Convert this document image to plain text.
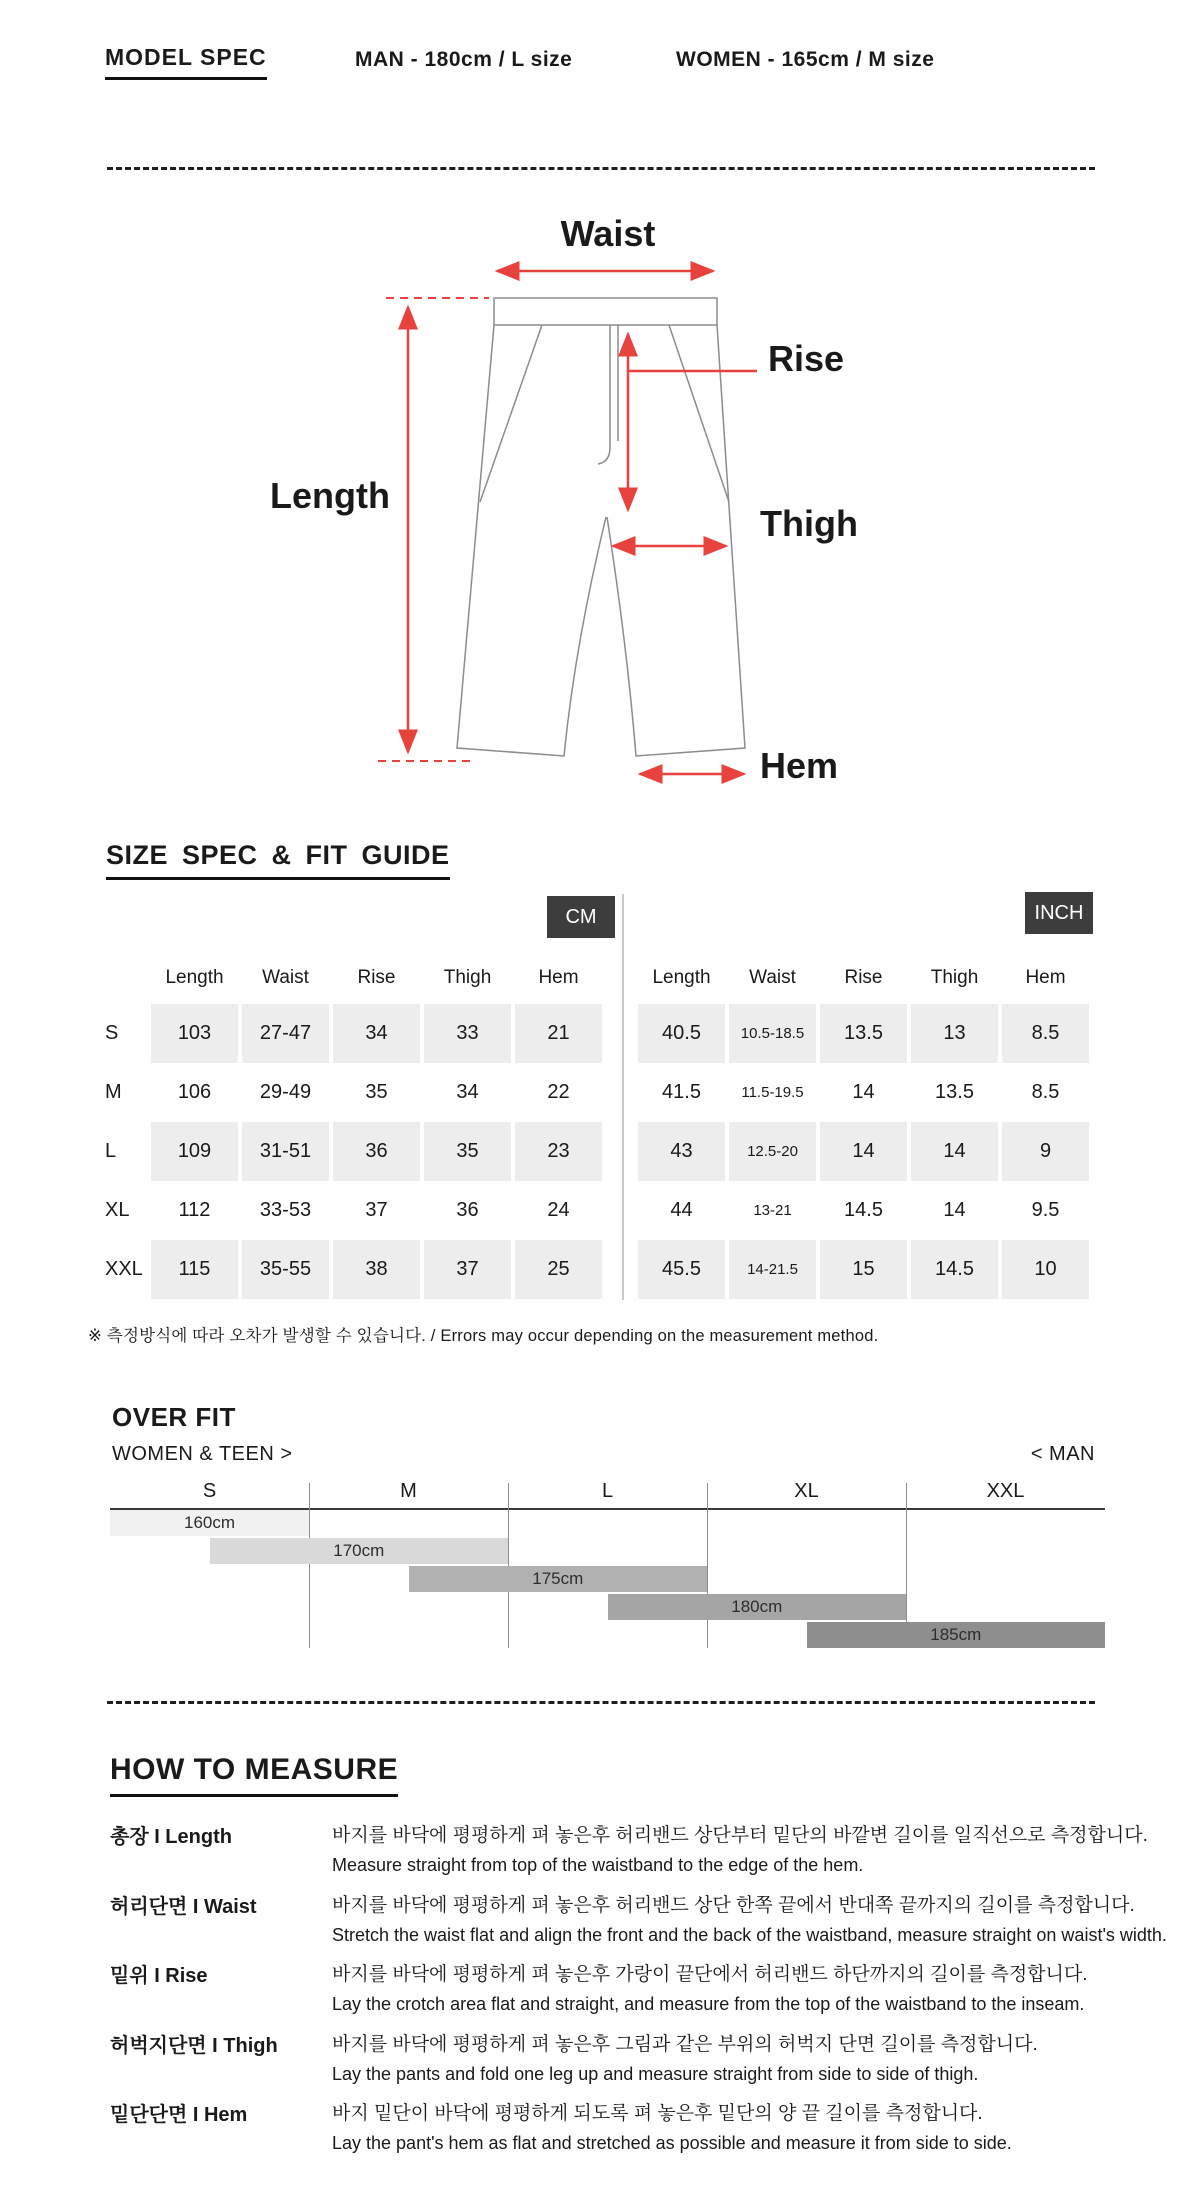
MODEL SPEC	MAN - 180cm / L size	WOMEN - 165cm / M size
Waist
Rise
Thigh
Length
Hem
SIZE SPEC & FIT GUIDE
CM	INCH
Length	Waist	Rise	Thigh	Hem
S	103	27-47	34	33	21
M	106	29-49	35	34	22
L	109	31-51	36	35	23
XL	112	33-53	37	36	24
XXL	115	35-55	38	37	25
Length	Waist	Rise	Thigh	Hem
40.5	10.5-18.5	13.5	13	8.5
41.5	11.5-19.5	14	13.5	8.5
43	12.5-20	14	14	9
44	13-21	14.5	14	9.5
45.5	14-21.5	15	14.5	10
※ 측정방식에 따라 오차가 발생할 수 있습니다. / Errors may occur depending on the measurement method.
OVER FIT
WOMEN & TEEN >	< MAN
S	M	L	XL	XXL
160cm
170cm
175cm
180cm
185cm
HOW TO MEASURE
총장 I Length	바지를 바닥에 평평하게 펴 놓은후 허리밴드 상단부터 밑단의 바깥변 길이를 일직선으로 측정합니다.
Measure straight from top of the waistband to the edge of the hem.
허리단면 I Waist	바지를 바닥에 평평하게 펴 놓은후 허리밴드 상단 한쪽 끝에서 반대쪽 끝까지의 길이를 측정합니다.
Stretch the waist flat and align the front and the back of the waistband, measure straight on waist's width.
밑위 I Rise	바지를 바닥에 평평하게 펴 놓은후 가랑이 끝단에서 허리밴드 하단까지의 길이를 측정합니다.
Lay the crotch area flat and straight, and measure from the top of the waistband to the inseam.
허벅지단면 I Thigh	바지를 바닥에 평평하게 펴 놓은후 그림과 같은 부위의 허벅지 단면 길이를 측정합니다.
Lay the pants and fold one leg up and measure straight from side to side of thigh.
밑단단면 I Hem	바지 밑단이 바닥에 평평하게 되도록 펴 놓은후 밑단의 양 끝 길이를 측정합니다.
Lay the pant's hem as flat and stretched as possible and measure it from side to side.
